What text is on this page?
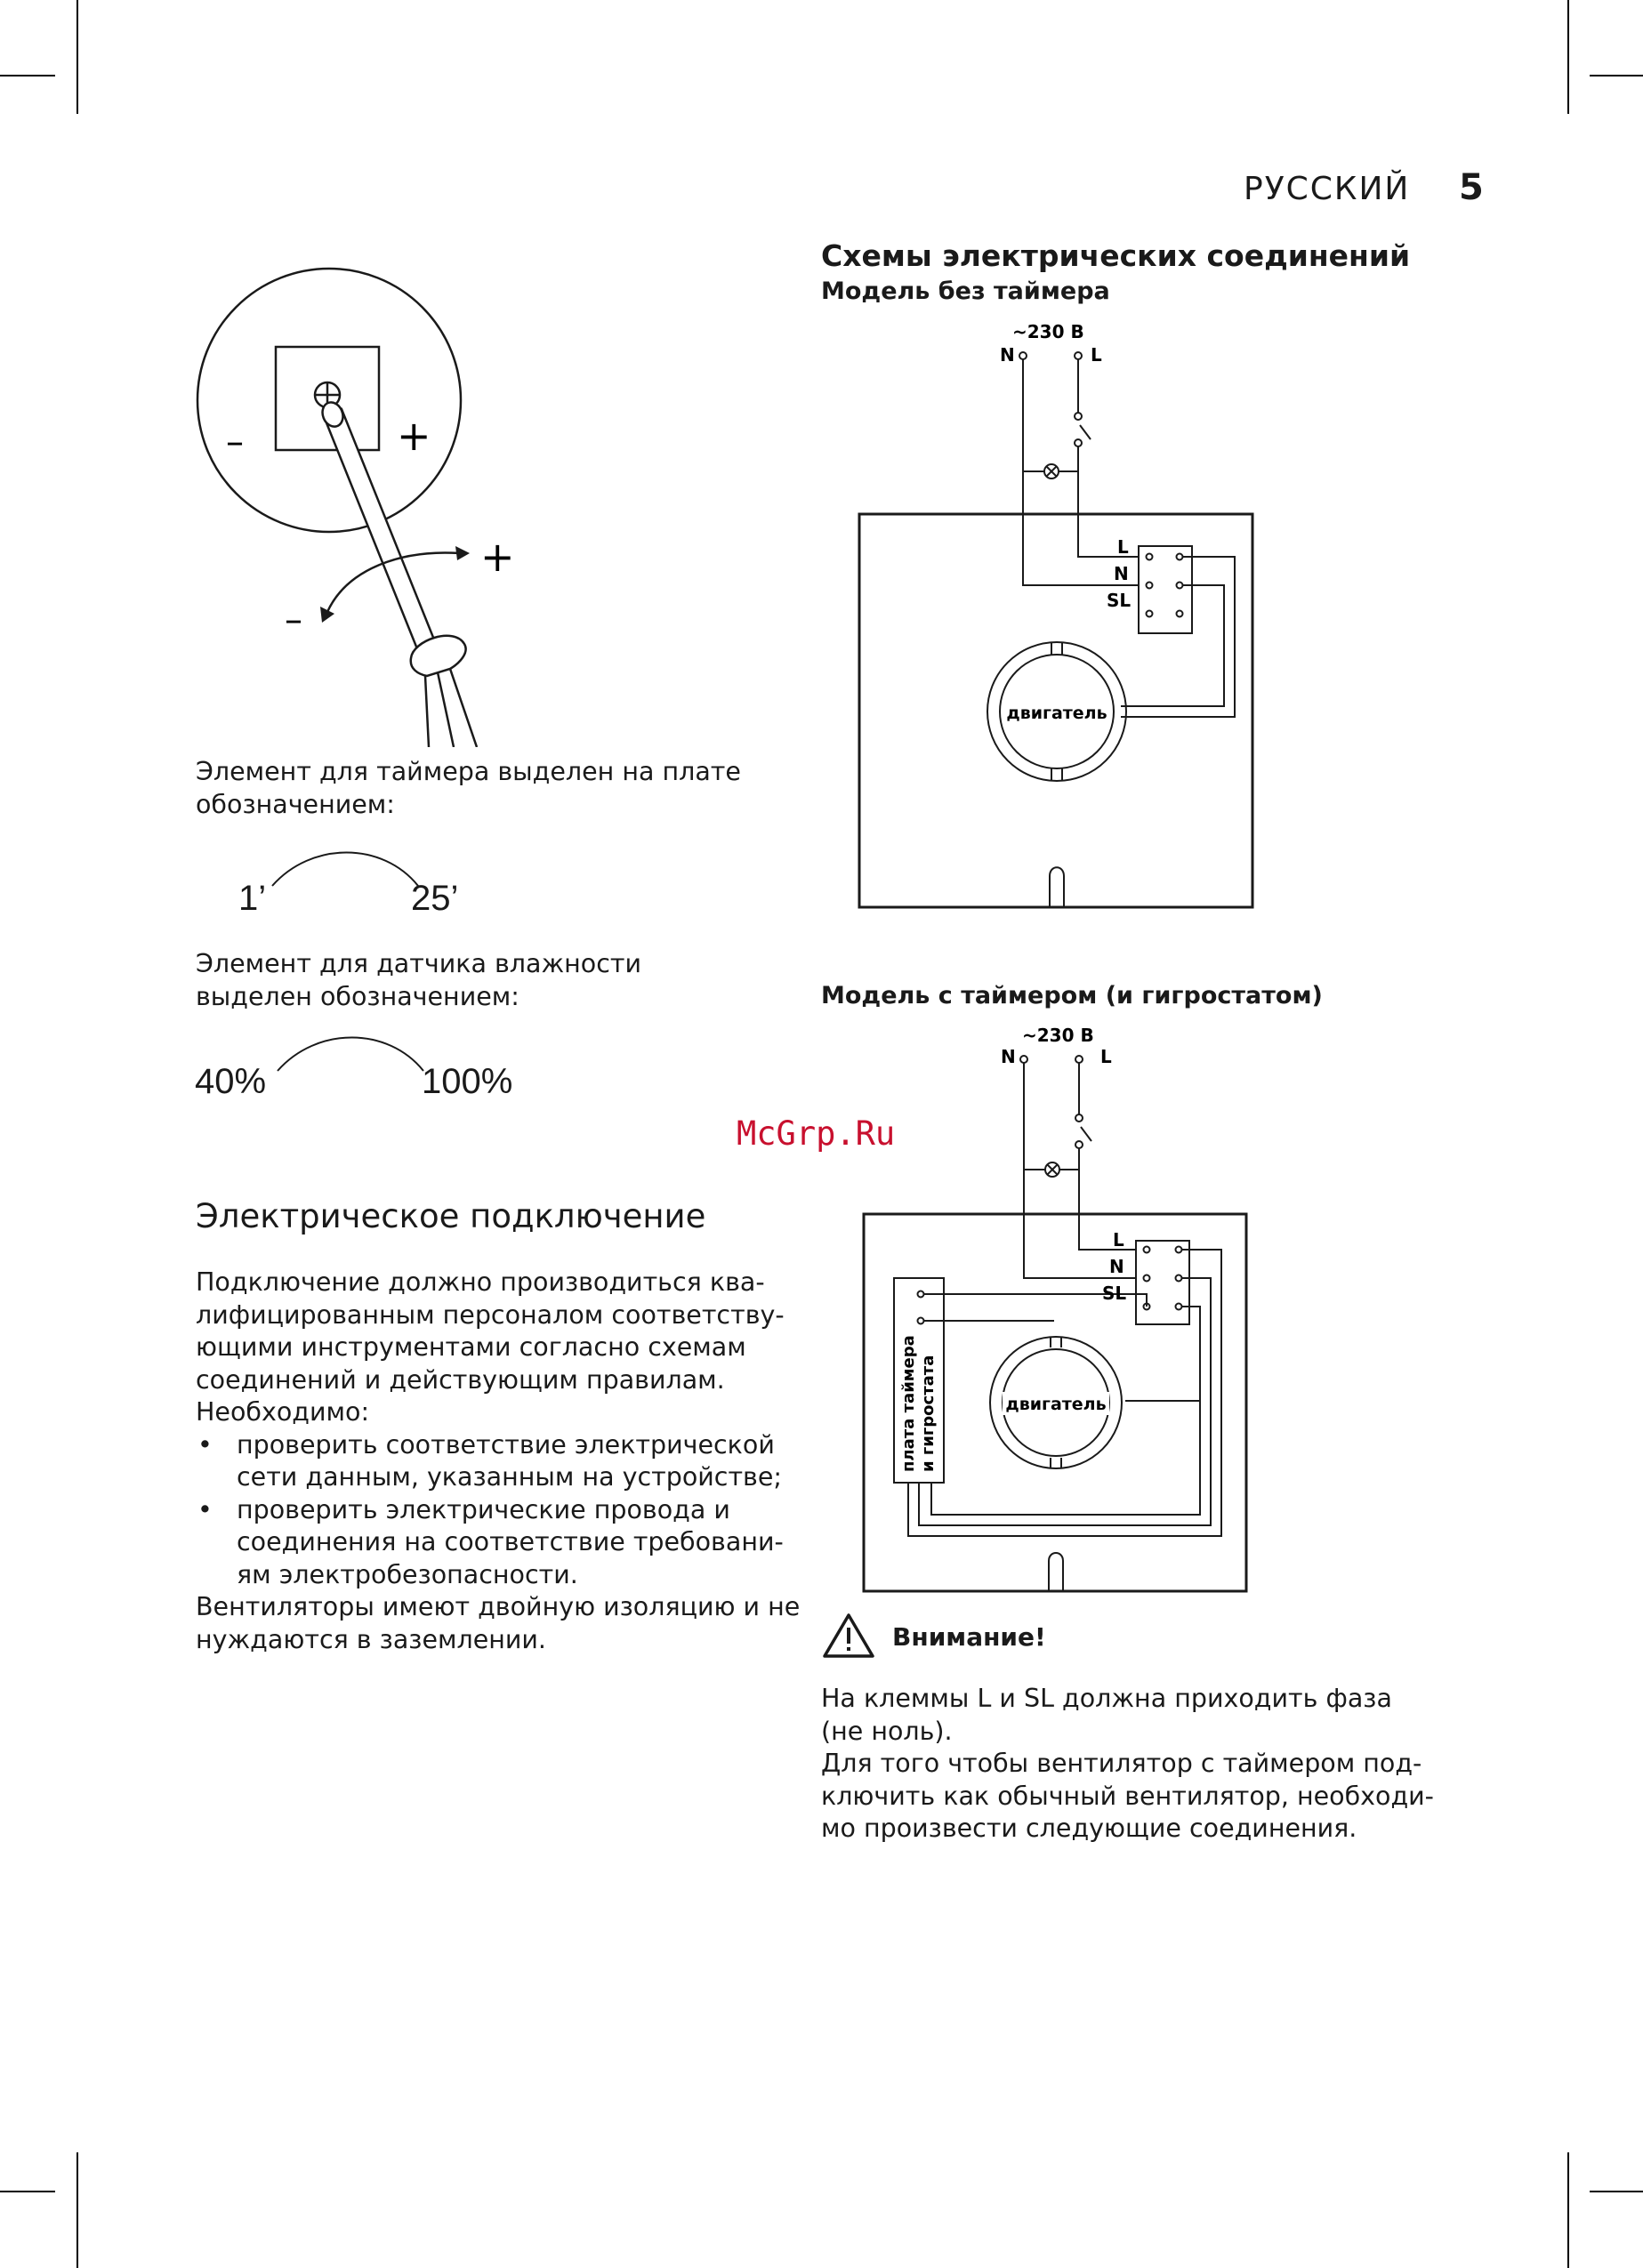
РУССКИЙ 5
–	+
+
–
Элемент для таймера выделен на плате обозначением:
1’	25’
Элемент для датчика влажности выделен обозначением:
40%	100%
McGrp.Ru
Электрическое подключение
Подключение должно производиться ква-
лифицированным персоналом соответству-
ющими инструментами согласно схемам
соединений и действующим правилам.
Необходимо:
• проверить соответствие электрической
сети данным, указанным на устройстве;
• проверить электрические провода и
соединения на соответствие требовани-
ям электробезопасности.
Вентиляторы имеют двойную изоляцию и не
нуждаются в заземлении.
Схемы электрических соединений
Модель без таймера
~230 В
N	L
L
N
SL
двигатель
Модель с таймером (и гигростатом)
~230 В
N	L
L
N
SL
двигатель
плата таймера и гигростата
Внимание!
На клеммы L и SL должна приходить фаза
(не ноль).
Для того чтобы вентилятор с таймером под-
ключить как обычный вентилятор, необходи-
мо произвести следующие соединения.
